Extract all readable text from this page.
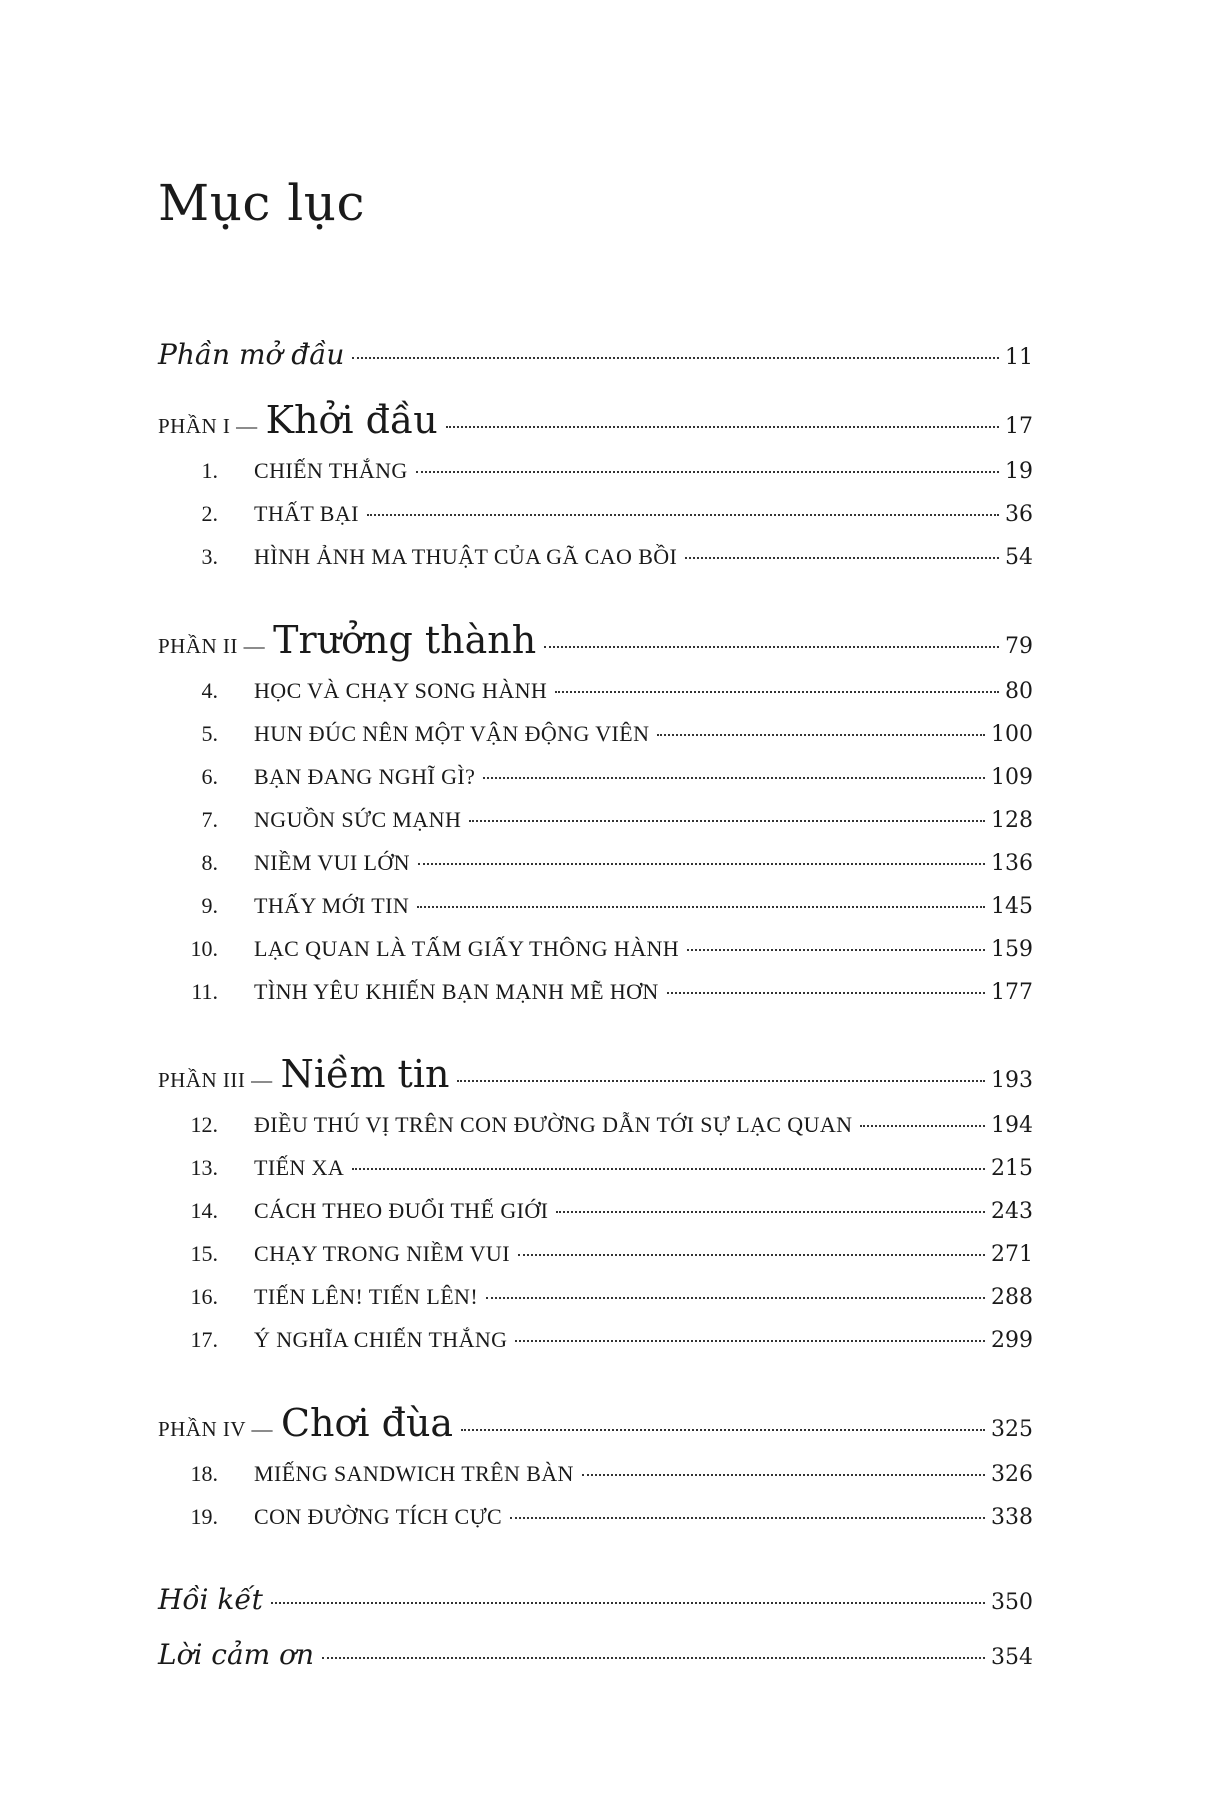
Mục lục
Phần mở đầu	11
PHẦN I — Khởi đầu	17
1.	CHIẾN THẮNG	19
2.	THẤT BẠI	36
3.	HÌNH ẢNH MA THUẬT CỦA GÃ CAO BỒI	54
PHẦN II — Trưởng thành	79
4.	HỌC VÀ CHẠY SONG HÀNH	80
5.	HUN ĐÚC NÊN MỘT VẬN ĐỘNG VIÊN	100
6.	BẠN ĐANG NGHĨ GÌ?	109
7.	NGUỒN SỨC MẠNH	128
8.	NIỀM VUI LỚN	136
9.	THẤY MỚI TIN	145
10.	LẠC QUAN LÀ TẤM GIẤY THÔNG HÀNH	159
11.	TÌNH YÊU KHIẾN BẠN MẠNH MẼ HƠN	177
PHẦN III — Niềm tin	193
12.	ĐIỀU THÚ VỊ TRÊN CON ĐƯỜNG DẪN TỚI SỰ LẠC QUAN	194
13.	TIẾN XA	215
14.	CÁCH THEO ĐUỔI THẾ GIỚI	243
15.	CHẠY TRONG NIỀM VUI	271
16.	TIẾN LÊN! TIẾN LÊN!	288
17.	Ý NGHĨA CHIẾN THẮNG	299
PHẦN IV — Chơi đùa	325
18.	MIẾNG SANDWICH TRÊN BÀN	326
19.	CON ĐƯỜNG TÍCH CỰC	338
Hồi kết	350
Lời cảm ơn	354
